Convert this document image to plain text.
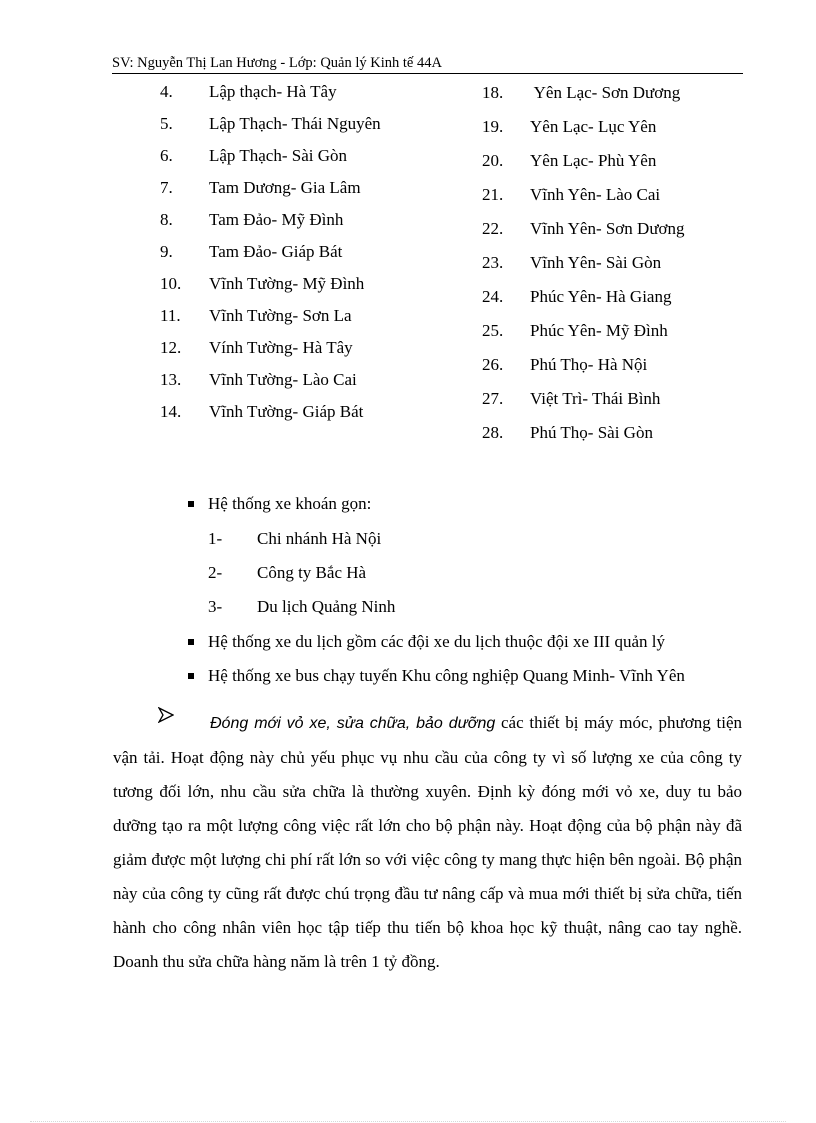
SV: Nguyễn Thị Lan Hương - Lớp: Quản lý Kinh tế 44A
4. Lập thạch- Hà Tây
5. Lập Thạch- Thái Nguyên
6. Lập Thạch- Sài Gòn
7. Tam Dương- Gia Lâm
8. Tam Đảo- Mỹ Đình
9. Tam Đảo- Giáp Bát
10. Vĩnh Tường- Mỹ Đình
11. Vĩnh Tường- Sơn La
12. Vính Tường- Hà Tây
13. Vĩnh Tường- Lào Cai
14. Vĩnh Tường- Giáp Bát
18. Yên Lạc- Sơn Dương
19. Yên Lạc- Lục Yên
20. Yên Lạc- Phù Yên
21. Vĩnh Yên- Lào Cai
22. Vĩnh Yên- Sơn Dương
23. Vĩnh Yên- Sài Gòn
24. Phúc Yên- Hà Giang
25. Phúc Yên- Mỹ Đình
26. Phú Thọ- Hà Nội
27. Việt Trì- Thái Bình
28. Phú Thọ- Sài Gòn
Hệ thống xe khoán gọn:
1- Chi nhánh Hà Nội
2- Công ty Bắc Hà
3- Du lịch Quảng Ninh
Hệ thống xe du lịch gồm các đội xe du lịch thuộc đội xe III quản lý
Hệ thống xe bus chạy tuyến Khu công nghiệp Quang Minh- Vĩnh Yên
Đóng mới vỏ xe, sửa chữa, bảo dưỡng các thiết bị máy móc, phương tiện vận tải. Hoạt động này chủ yếu phục vụ nhu cầu của công ty vì số lượng xe của công ty tương đối lớn, nhu cầu sửa chữa là thường xuyên. Định kỳ đóng mới vỏ xe, duy tu bảo dưỡng tạo ra một lượng công việc rất lớn cho bộ phận này. Hoạt động của bộ phận này đã giảm được một lượng chi phí rất lớn so với việc công ty mang thực hiện bên ngoài. Bộ phận này của công ty cũng rất được chú trọng đầu tư nâng cấp và mua mới thiết bị sửa chữa, tiến hành cho công nhân viên học tập tiếp thu tiến bộ khoa học kỹ thuật, nâng cao tay nghề. Doanh thu sửa chữa hàng năm là trên 1 tỷ đồng.
